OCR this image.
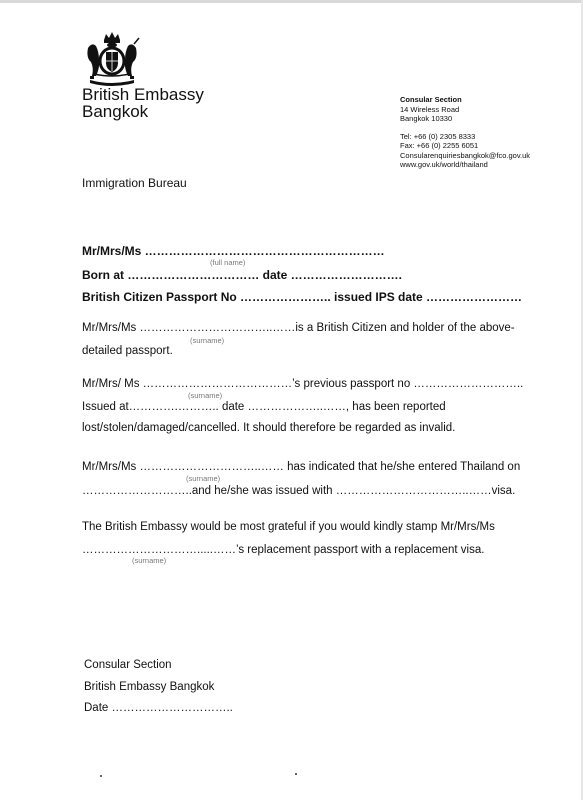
British Embassy
Bangkok
Consular Section
14 Wireless Road
Bangkok 10330
Tel: +66 (0) 2305 8333
Fax: +66 (0) 2255 6051
Consularenquiriesbangkok@fco.gov.uk
www.gov.uk/world/thailand
Immigration Bureau
Mr/Mrs/Ms ……………………………………………………
(full name)
Born at …………………………… date ……………………….
British Citizen Passport No ………………….. issued IPS date ……………………
Mr/Mrs/Ms ……………………………..……is a British Citizen and holder of the above-
(surname)
detailed passport.
Mr/Mrs/ Ms …………………………………’s previous passport no ………………………..
(surname)
Issued at………….……….. date ………………..……, has been reported
lost/stolen/damaged/cancelled. It should therefore be regarded as invalid.
Mr/Mrs/Ms …………………………..…… has indicated that he/she entered Thailand on
(surname)
………………………..and he/she was issued with ……………………………..……visa.
The British Embassy would be most grateful if you would kindly stamp Mr/Mrs/Ms
………………………….....……’s replacement passport with a replacement visa.
(surname)
Consular Section
British Embassy Bangkok
Date …………………………..
